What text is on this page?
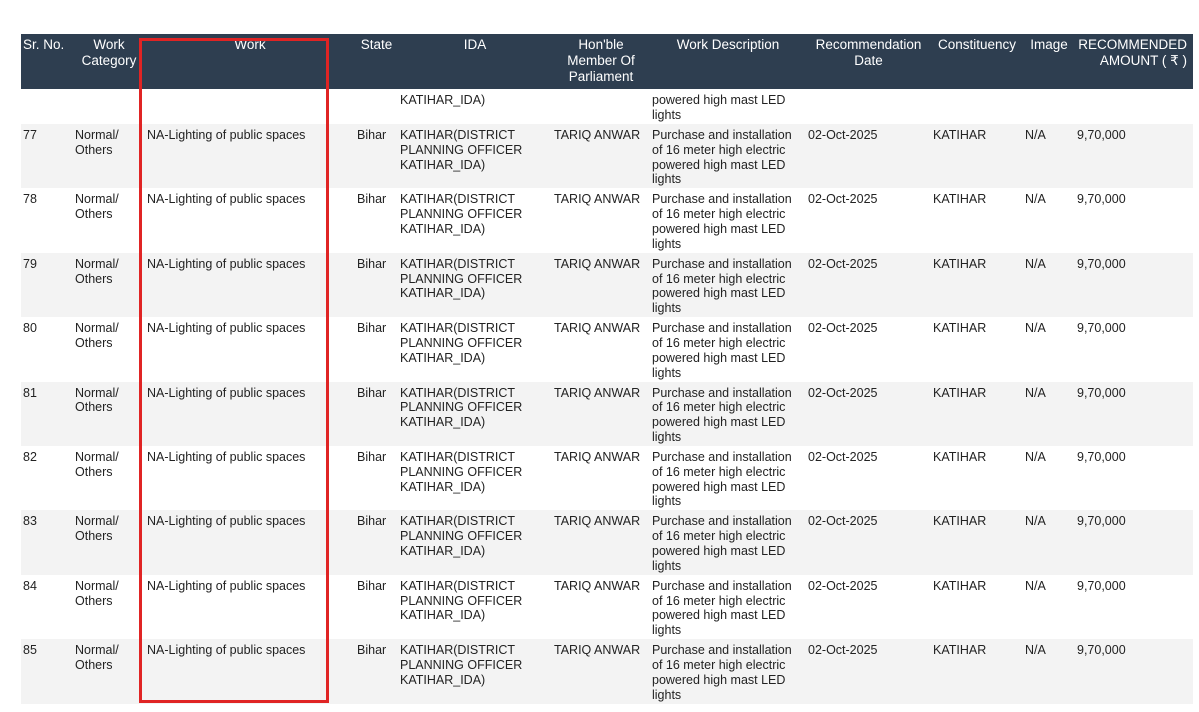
Sr. No.	Work Category	Work	State	IDA	Hon'ble Member Of Parliament	Work Description	Recommendation Date	Constituency	Image	RECOMMENDED AMOUNT ( ₹ )
				KATIHAR_IDA)		powered high mast LED lights				
77	Normal/ Others	NA-Lighting of public spaces	Bihar	KATIHAR(DISTRICT PLANNING OFFICER KATIHAR_IDA)	TARIQ ANWAR	Purchase and installation of 16 meter high electric powered high mast LED lights	02-Oct-2025	KATIHAR	N/A	9,70,000
78	Normal/ Others	NA-Lighting of public spaces	Bihar	KATIHAR(DISTRICT PLANNING OFFICER KATIHAR_IDA)	TARIQ ANWAR	Purchase and installation of 16 meter high electric powered high mast LED lights	02-Oct-2025	KATIHAR	N/A	9,70,000
79	Normal/ Others	NA-Lighting of public spaces	Bihar	KATIHAR(DISTRICT PLANNING OFFICER KATIHAR_IDA)	TARIQ ANWAR	Purchase and installation of 16 meter high electric powered high mast LED lights	02-Oct-2025	KATIHAR	N/A	9,70,000
80	Normal/ Others	NA-Lighting of public spaces	Bihar	KATIHAR(DISTRICT PLANNING OFFICER KATIHAR_IDA)	TARIQ ANWAR	Purchase and installation of 16 meter high electric powered high mast LED lights	02-Oct-2025	KATIHAR	N/A	9,70,000
81	Normal/ Others	NA-Lighting of public spaces	Bihar	KATIHAR(DISTRICT PLANNING OFFICER KATIHAR_IDA)	TARIQ ANWAR	Purchase and installation of 16 meter high electric powered high mast LED lights	02-Oct-2025	KATIHAR	N/A	9,70,000
82	Normal/ Others	NA-Lighting of public spaces	Bihar	KATIHAR(DISTRICT PLANNING OFFICER KATIHAR_IDA)	TARIQ ANWAR	Purchase and installation of 16 meter high electric powered high mast LED lights	02-Oct-2025	KATIHAR	N/A	9,70,000
83	Normal/ Others	NA-Lighting of public spaces	Bihar	KATIHAR(DISTRICT PLANNING OFFICER KATIHAR_IDA)	TARIQ ANWAR	Purchase and installation of 16 meter high electric powered high mast LED lights	02-Oct-2025	KATIHAR	N/A	9,70,000
84	Normal/ Others	NA-Lighting of public spaces	Bihar	KATIHAR(DISTRICT PLANNING OFFICER KATIHAR_IDA)	TARIQ ANWAR	Purchase and installation of 16 meter high electric powered high mast LED lights	02-Oct-2025	KATIHAR	N/A	9,70,000
85	Normal/ Others	NA-Lighting of public spaces	Bihar	KATIHAR(DISTRICT PLANNING OFFICER KATIHAR_IDA)	TARIQ ANWAR	Purchase and installation of 16 meter high electric powered high mast LED lights	02-Oct-2025	KATIHAR	N/A	9,70,000
